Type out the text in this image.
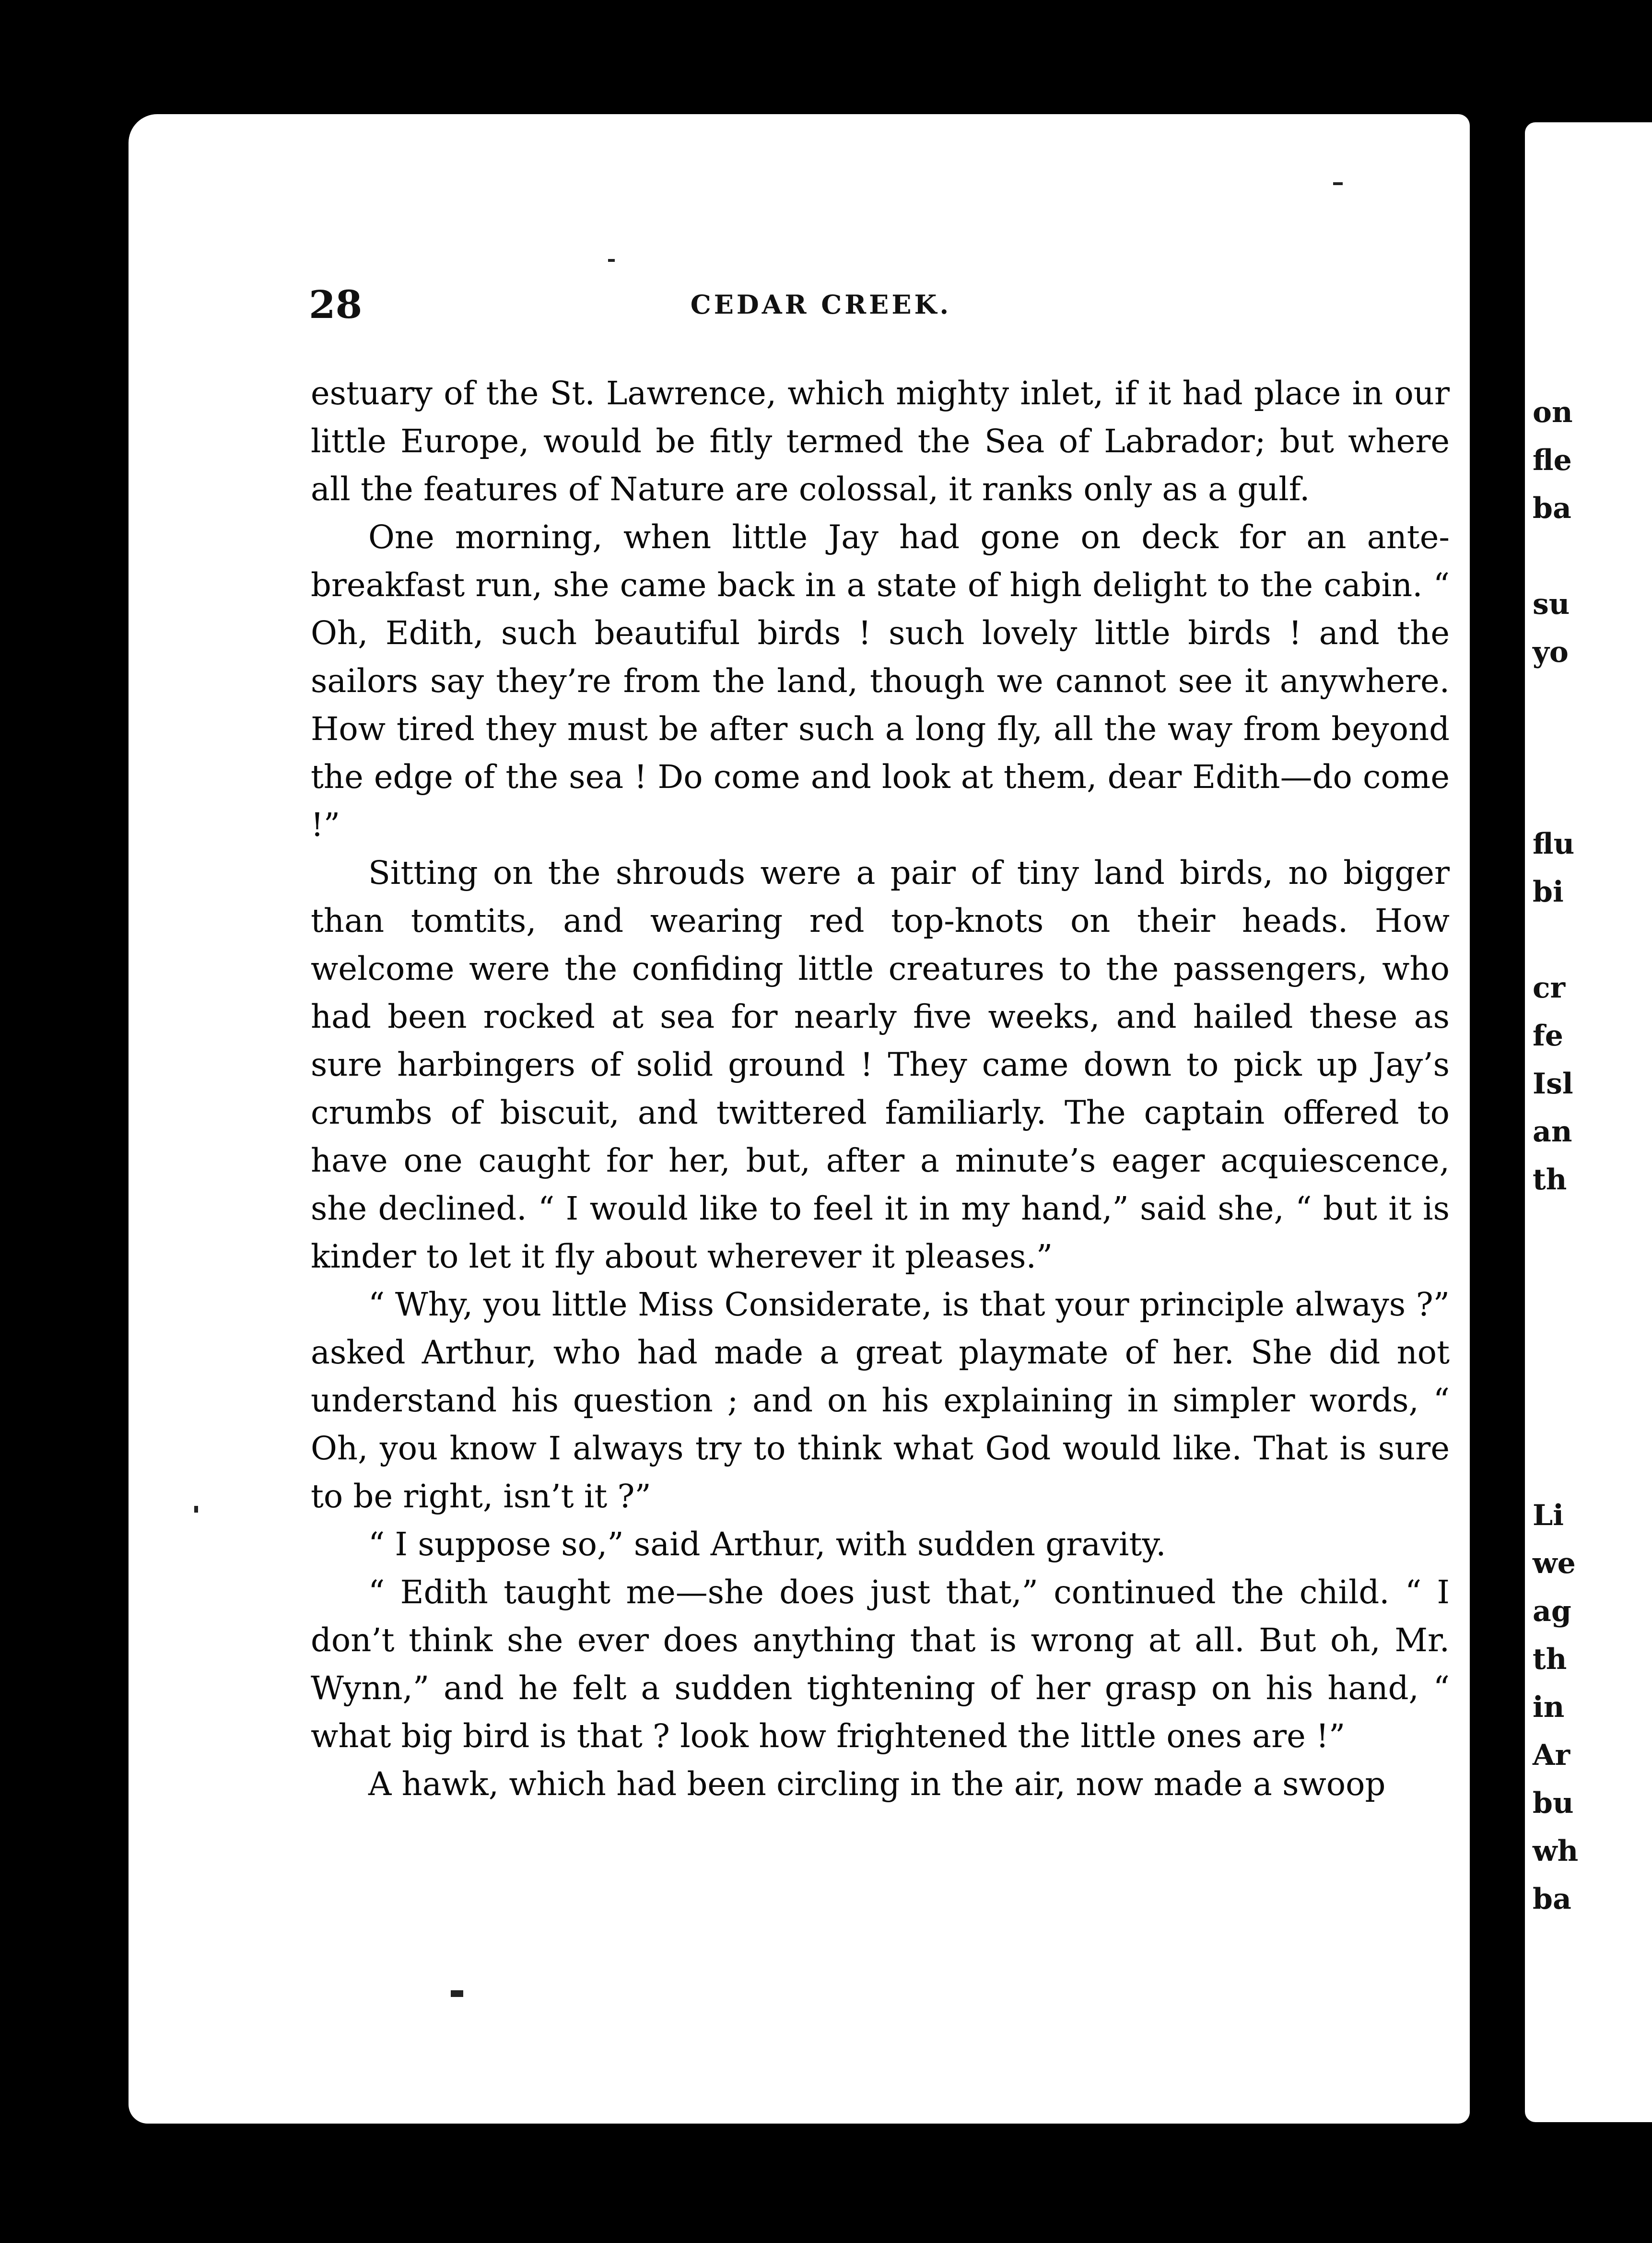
28	CEDAR CREEK.

estuary of the St. Lawrence, which mighty inlet, if it had place in our little Europe, would be fitly termed the Sea of Labrador; but where all the features of Nature are colossal, it ranks only as a gulf.

One morning, when little Jay had gone on deck for an ante-breakfast run, she came back in a state of high delight to the cabin. “ Oh, Edith, such beautiful birds ! such lovely little birds ! and the sailors say they’re from the land, though we cannot see it anywhere. How tired they must be after such a long fly, all the way from beyond the edge of the sea ! Do come and look at them, dear Edith—do come !”

Sitting on the shrouds were a pair of tiny land birds, no bigger than tomtits, and wearing red top-knots on their heads. How welcome were the confiding little creatures to the passengers, who had been rocked at sea for nearly five weeks, and hailed these as sure harbingers of solid ground ! They came down to pick up Jay’s crumbs of biscuit, and twittered familiarly. The captain offered to have one caught for her, but, after a minute’s eager acquiescence, she declined. “ I would like to feel it in my hand,” said she, “ but it is kinder to let it fly about wherever it pleases.”

“ Why, you little Miss Considerate, is that your principle always ?” asked Arthur, who had made a great playmate of her. She did not understand his question ; and on his explaining in simpler words, “ Oh, you know I always try to think what God would like. That is sure to be right, isn’t it ?”

“ I suppose so,” said Arthur, with sudden gravity.

“ Edith taught me—she does just that,” continued the child. “ I don’t think she ever does anything that is wrong at all. But oh, Mr. Wynn,” and he felt a sudden tightening of her grasp on his hand, “ what big bird is that ? look how frightened the little ones are !”

A hawk, which had been circling in the air, now made a swoop

on
fle
ba
su
yo
flu
bi
cr
fe
Isl
an
th
Li
we
ag
th
in
Ar
bu
wh
ba
